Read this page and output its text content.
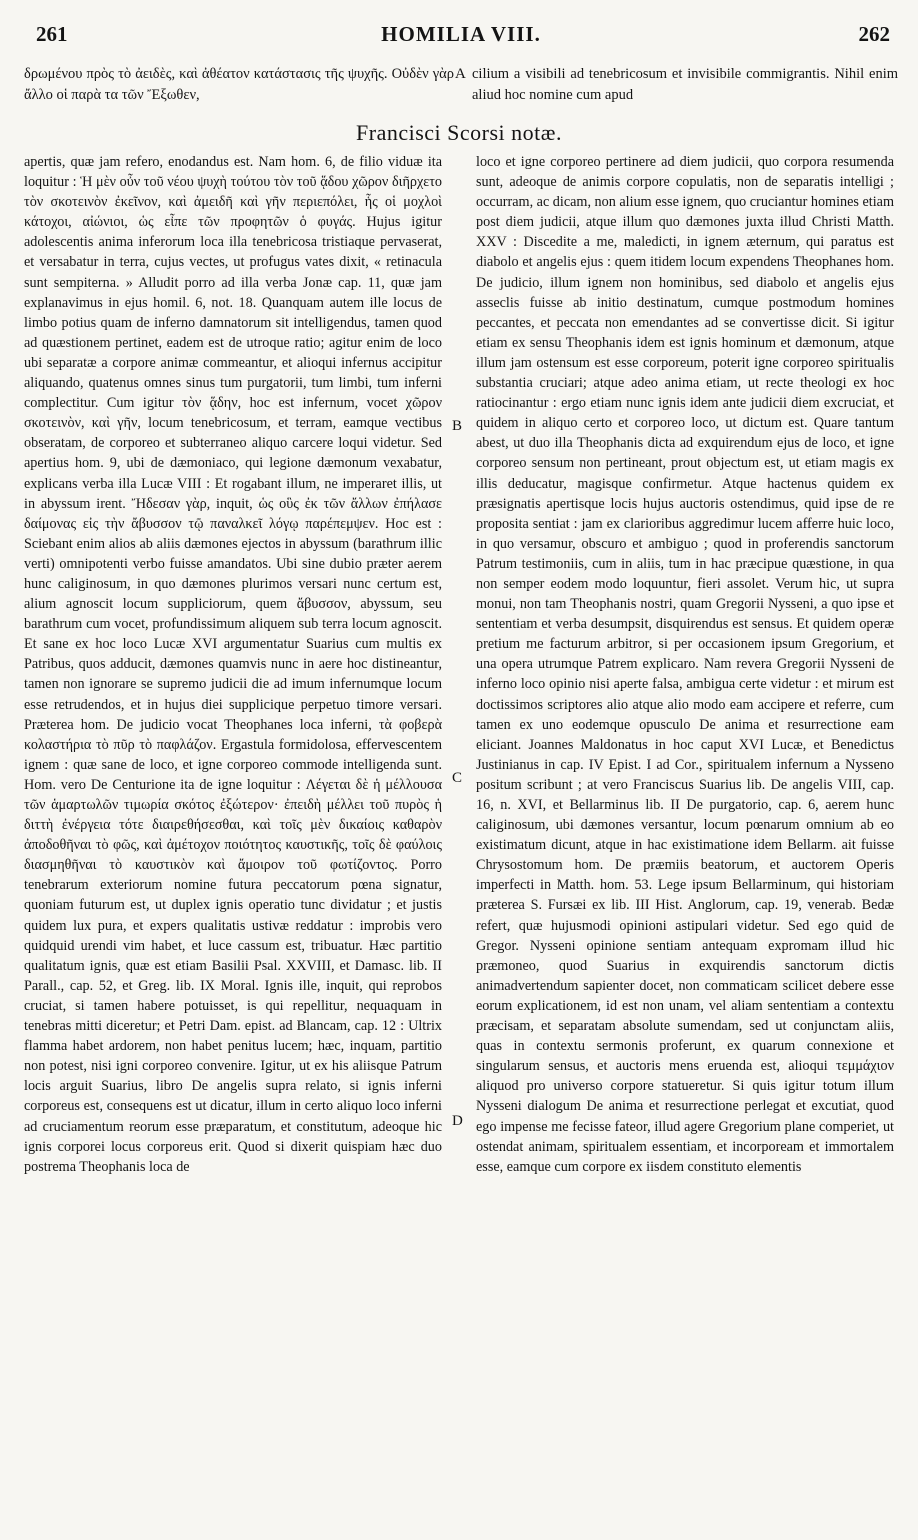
261	HOMILIA VIII.	262
δρωμένου πρὸς τὸ ἀειδὲς, καὶ ἀθέατον κατάστασις τῆς ψυχῆς. Οὐδὲν γὰρ ἄλλο οἱ παρὰ τα τῶν Ἔξωθεν,
A cilium a visibili ad tenebricosum et invisibile commigrantis. Nihil enim aliud hoc nomine cum apud
Francisci Scorsi notæ.

apertis, quæ jam refero, enodandus est. Nam hom. 6, de filio viduæ ita loquitur : Ἡ μὲν οὖν τοῦ νέου ψυχὴ τούτου τὸν τοῦ ᾅδου χῶρον διῆρχετο τὸν σκοτεινὸν ἐκεῖνον, καὶ ἀμειδῆ καὶ γῆν περιεπόλει, ἧς οἱ μοχλοὶ κάτοχοι, αἰώνιοι, ὡς εἶπε τῶν προφητῶν ὁ φυγάς. Hujus igitur adolescentis anima inferorum loca illa tenebricosa tristiaque pervaserat, et versabatur in terra, cujus vectes, ut profugus vates dixit, « retinacula sunt sempiterna. » Alludit porro ad illa verba Jonæ cap. 11, quæ jam explanavimus in ejus homil. 6, not. 18. Quanquam autem ille locus de limbo potius quam de inferno damnatorum sit intelligendus, tamen quod ad quæstionem pertinet, eadem est de utroque ratio; agitur enim de loco ubi separatæ a corpore animæ commeantur, et alioqui infernus accipitur aliquando, quatenus omnes sinus tum purgatorii, tum limbi, tum inferni complectitur. Cum igitur τὸν ᾅδην, hoc est infernum, vocet χῶρον σκοτεινὸν, καὶ γῆν, locum tenebricosum, et terram, eamque vectibus obseratam, de corporeo et subterraneo aliquo carcere loqui videtur. Sed apertius hom. 9, ubi de dæmoniaco, qui legione dæmonum vexabatur, explicans verba illa Lucæ VIII : Et rogabant illum, ne imperaret illis, ut in abyssum irent. Ἤδεσαν γὰρ, inquit, ὡς οὓς ἐκ τῶν ἄλλων ἐπήλασε δαίμονας εἰς τὴν ἄβυσσον τῷ παναλκεῖ λόγῳ παρέπεμψεν. Hoc est : Sciebant enim alios ab aliis dæmones ejectos in abyssum (barathrum illic verti) omnipotenti verbo fuisse amandatos. Ubi sine dubio præter aerem hunc caliginosum, in quo dæmones plurimos versari nunc certum est, alium agnoscit locum suppliciorum, quem ἄβυσσον, abyssum, seu barathrum cum vocet, profundissimum aliquem sub terra locum agnoscit. Et sane ex hoc loco Lucæ XVI argumentatur Suarius cum multis ex Patribus, quos adducit, dæmones quamvis nunc in aere hoc distineantur, tamen non ignorare se supremo judicii die ad imum infernumque locum esse retrudendos, et in hujus diei supplicique perpetuo timore versari. Præterea hom. De judicio vocat Theophanes loca inferni, τὰ φοβερὰ κολαστήρια τὸ πῦρ τὸ παφλάζον. Ergastula formidolosa, effervescentem ignem : quæ sane de loco, et igne corporeo commode intelligenda sunt. Hom. vero De Centurione ita de igne loquitur : Λέγεται δὲ ἡ μέλλουσα τῶν ἁμαρτωλῶν τιμωρία σκότος ἐξώτερον· ἐπειδὴ μέλλει τοῦ πυρὸς ἡ διττὴ ἐνέργεια τότε διαιρεθήσεσθαι, καὶ τοῖς μὲν δικαίοις καθαρὸν ἀποδοθῆναι τὸ φῶς, καὶ ἀμέτοχον ποιότητος καυστικῆς, τοῖς δὲ φαύλοις διασμηθῆναι τὸ καυστικὸν καὶ ἄμοιρον τοῦ φωτίζοντος. Porro tenebrarum exteriorum nomine futura peccatorum pœna signatur, quoniam futurum est, ut duplex ignis operatio tunc dividatur ; et justis quidem lux pura, et expers qualitatis ustivæ reddatur : improbis vero quidquid urendi vim habet, et luce cassum est, tribuatur. Hæc partitio qualitatum ignis, quæ est etiam Basilii Psal. XXVIII, et Damasc. lib. II Parall., cap. 52, et Greg. lib. IX Moral. Ignis ille, inquit, qui reprobos cruciat, si tamen habere potuisset, is qui repellitur, nequaquam in tenebras mitti diceretur; et Petri Dam. epist. ad Blancam, cap. 12 : Ultrix flamma habet ardorem, non habet penitus lucem; hæc, inquam, partitio non potest, nisi igni corporeo convenire. Igitur, ut ex his aliisque Patrum locis arguit Suarius, libro De angelis supra relato, si ignis inferni corporeus est, consequens est ut dicatur, illum in certo aliquo loco inferni ad cruciamentum reorum esse præparatum, et constitutum, adeoque hic ignis corporei locus corporeus erit. Quod si dixerit quispiam hæc duo postrema Theophanis loca de

B
C
D

loco et igne corporeo pertinere ad diem judicii, quo corpora resumenda sunt, adeoque de animis corpore copulatis, non de separatis intelligi ; occurram, ac dicam, non alium esse ignem, quo cruciantur homines etiam post diem judicii, atque illum quo dæmones juxta illud Christi Matth. XXV : Discedite a me, maledicti, in ignem æternum, qui paratus est diabolo et angelis ejus : quem itidem locum expendens Theophanes hom. De judicio, illum ignem non hominibus, sed diabolo et angelis ejus asseclis fuisse ab initio destinatum, cumque postmodum homines peccantes, et peccata non emendantes ad se convertisse dicit. Si igitur etiam ex sensu Theophanis idem est ignis hominum et dæmonum, atque illum jam ostensum est esse corporeum, poterit igne corporeo spiritualis substantia cruciari; atque adeo anima etiam, ut recte theologi ex hoc ratiocinantur : ergo etiam nunc ignis idem ante judicii diem excruciat, et quidem in aliquo certo et corporeo loco, ut dictum est. Quare tantum abest, ut duo illa Theophanis dicta ad exquirendum ejus de loco, et igne corporeo sensum non pertineant, prout objectum est, ut etiam magis ex illis deducatur, magisque confirmetur. Atque hactenus quidem ex præsignatis apertisque locis hujus auctoris ostendimus, quid ipse de re proposita sentiat : jam ex clarioribus aggredimur lucem afferre huic loco, in quo versamur, obscuro et ambiguo ; quod in proferendis sanctorum Patrum testimoniis, cum in aliis, tum in hac præcipue quæstione, in qua non semper eodem modo loquuntur, fieri assolet. Verum hic, ut supra monui, non tam Theophanis nostri, quam Gregorii Nysseni, a quo ipse et sententiam et verba desumpsit, disquirendus est sensus. Et quidem operæ pretium me facturum arbitror, si per occasionem ipsum Gregorium, et una opera utrumque Patrem explicaro. Nam revera Gregorii Nysseni de inferno loco opinio nisi aperte falsa, ambigua certe videtur : et mirum est doctissimos scriptores alio atque alio modo eam accipere et referre, cum tamen ex uno eodemque opusculo De anima et resurrectione eam eliciant. Joannes Maldonatus in hoc caput XVI Lucæ, et Benedictus Justinianus in cap. IV Epist. I ad Cor., spiritualem infernum a Nysseno positum scribunt ; at vero Franciscus Suarius lib. De angelis VIII, cap. 16, n. XVI, et Bellarminus lib. II De purgatorio, cap. 6, aerem hunc caliginosum, ubi dæmones versantur, locum pœnarum omnium ab eo existimatum dicunt, atque in hac existimatione idem Bellarm. ait fuisse Chrysostomum hom. De præmiis beatorum, et auctorem Operis imperfecti in Matth. hom. 53. Lege ipsum Bellarminum, qui historiam præterea S. Fursæi ex lib. III Hist. Anglorum, cap. 19, venerab. Bedæ refert, quæ hujusmodi opinioni astipulari videtur. Sed ego quid de Gregor. Nysseni opinione sentiam antequam expromam illud hic præmoneo, quod Suarius in exquirendis sanctorum dictis animadvertendum sapienter docet, non commaticam scilicet debere esse eorum explicationem, id est non unam, vel aliam sententiam a contextu præcisam, et separatam absolute sumendam, sed ut conjunctam aliis, quas in contextu sermonis proferunt, ex quarum connexione et singularum sensus, et auctoris mens eruenda est, alioqui τεμμάχιον aliquod pro universo corpore statueretur. Si quis igitur totum illum Nysseni dialogum De anima et resurrectione perlegat et excutiat, quod ego impense me fecisse fateor, illud agere Gregorium plane comperiet, ut ostendat animam, spiritualem essentiam, et incorpoream et immortalem esse, eamque cum corpore ex iisdem constituto elementis
